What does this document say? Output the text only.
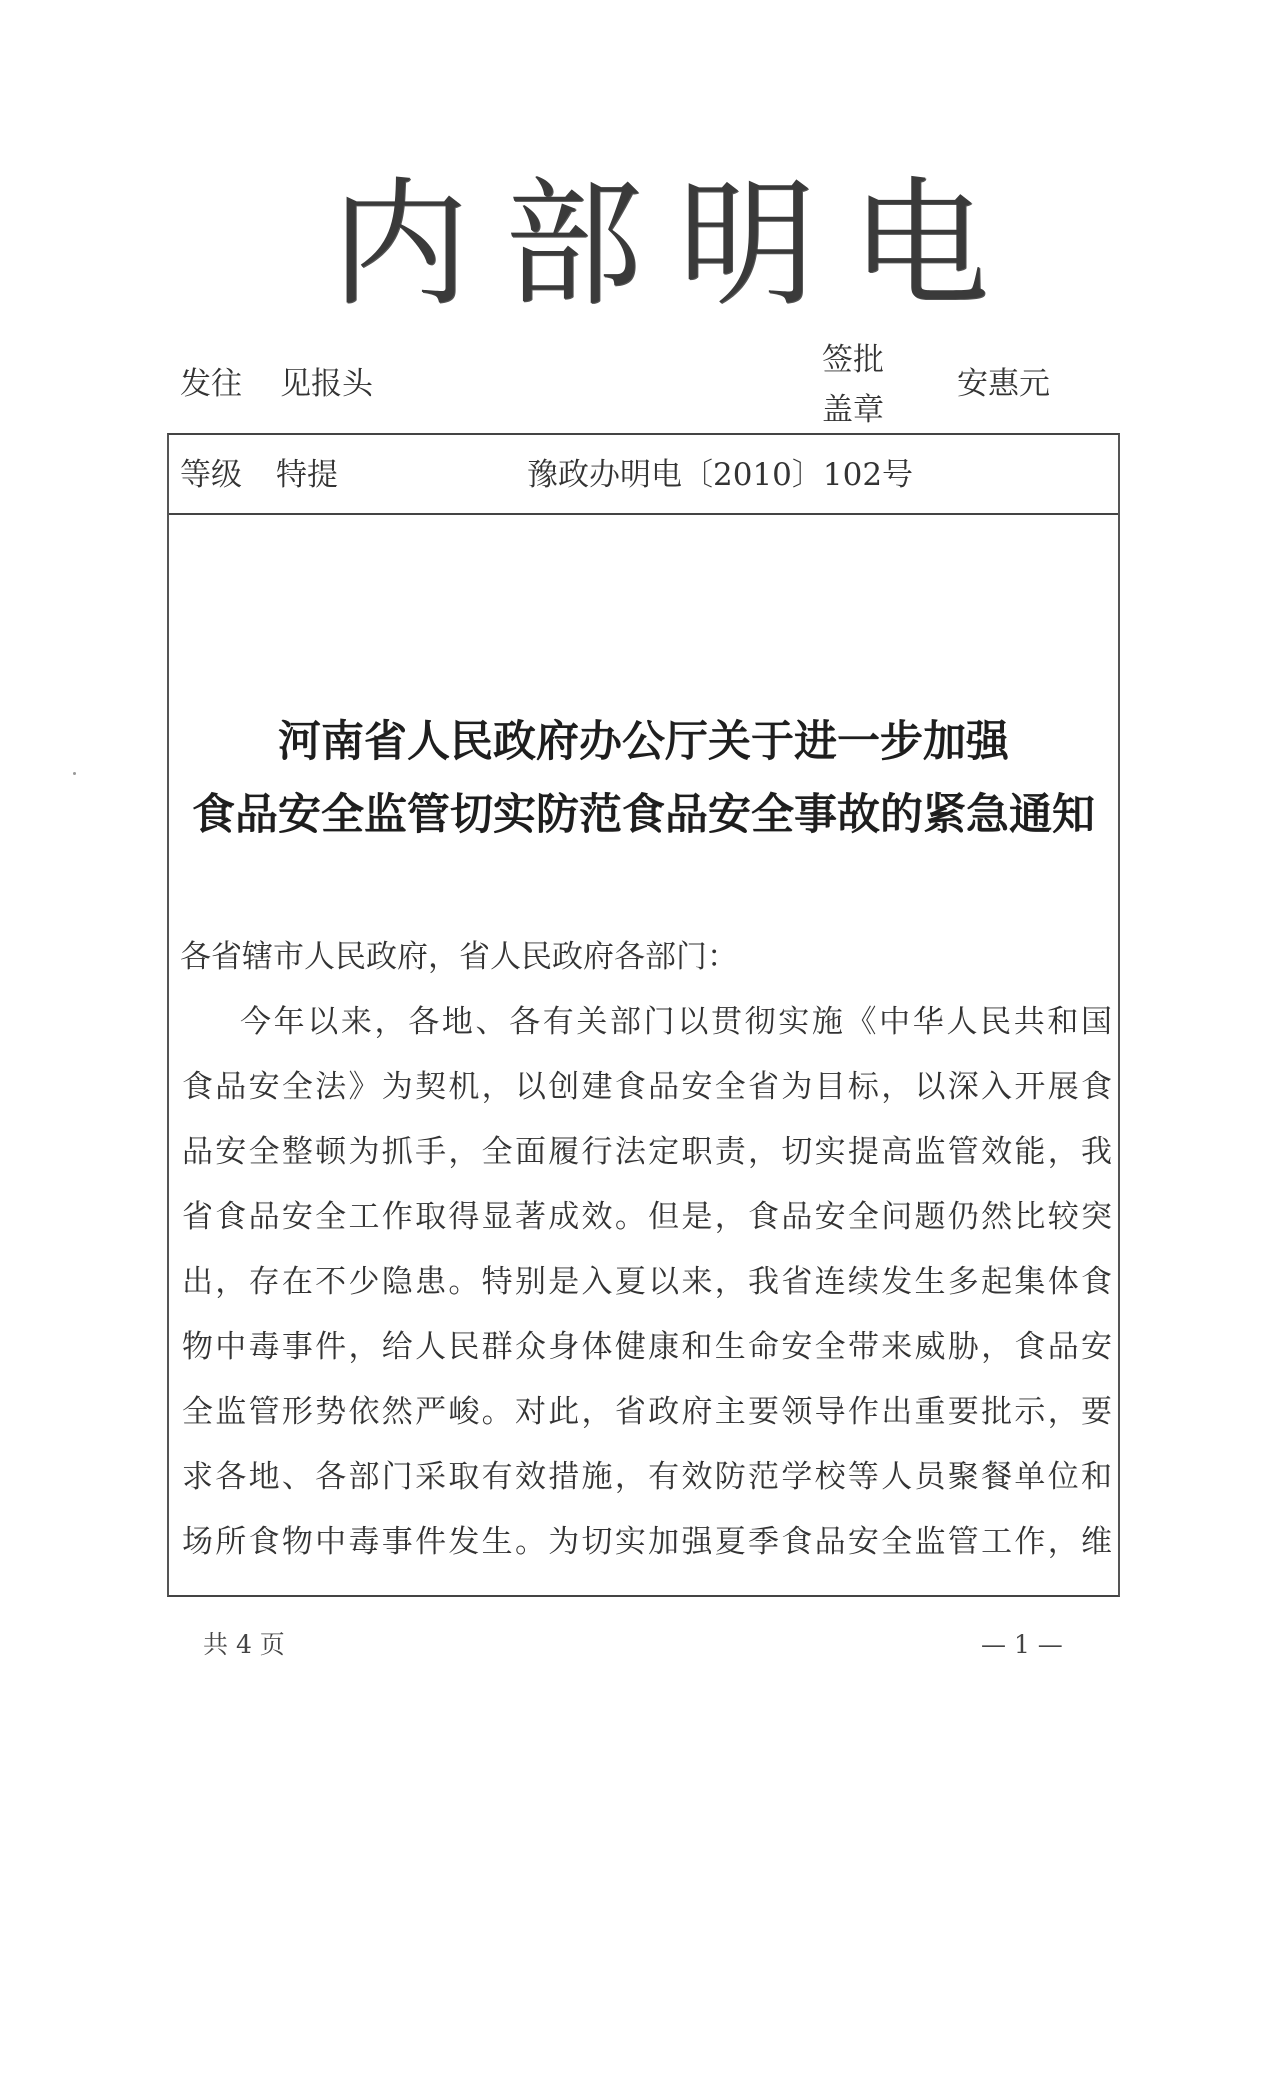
内 部 明 电
发往 见报头
签批
盖章
安惠元
等级 特提	豫政办明电〔2010〕102号
河南省人民政府办公厅关于进一步加强
食品安全监管切实防范食品安全事故的紧急通知
各省辖市人民政府，省人民政府各部门：
今年以来，各地、各有关部门以贯彻实施《中华人民共和国
食品安全法》为契机，以创建食品安全省为目标，以深入开展食
品安全整顿为抓手，全面履行法定职责，切实提高监管效能，我
省食品安全工作取得显著成效。但是，食品安全问题仍然比较突
出，存在不少隐患。特别是入夏以来，我省连续发生多起集体食
物中毒事件，给人民群众身体健康和生命安全带来威胁，食品安
全监管形势依然严峻。对此，省政府主要领导作出重要批示，要
求各地、各部门采取有效措施，有效防范学校等人员聚餐单位和
场所食物中毒事件发生。为切实加强夏季食品安全监管工作，维
共 4 页	— 1 —
